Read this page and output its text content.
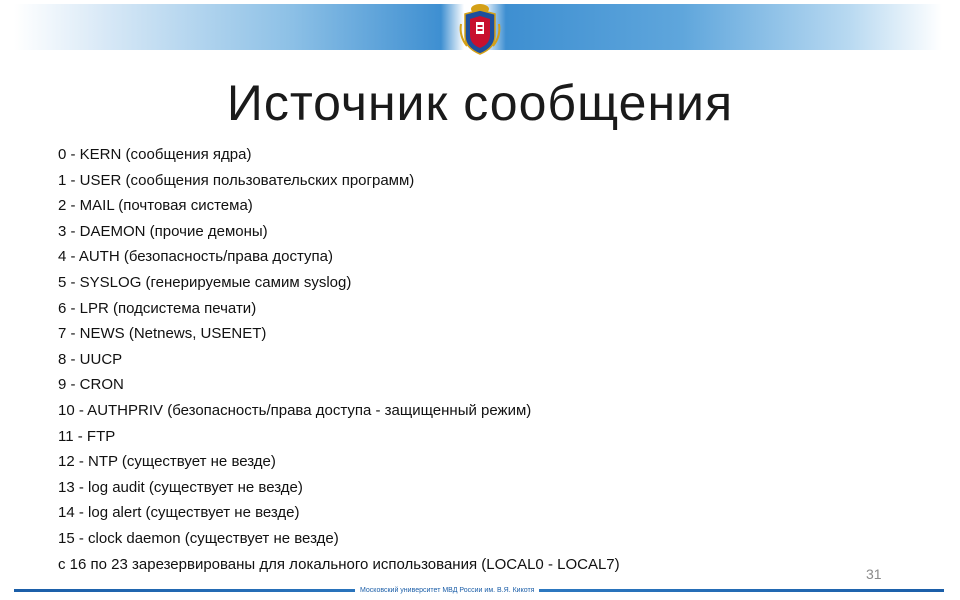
Источник сообщения
0 - KERN (сообщения ядра)
1 - USER (сообщения пользовательских программ)
2 - MAIL (почтовая система)
3 - DAEMON (прочие демоны)
4 - AUTH (безопасность/права доступа)
5 - SYSLOG (генерируемые самим syslog)
6 - LPR (подсистема печати)
7 - NEWS (Netnews, USENET)
8 - UUCP
9 - CRON
10 - AUTHPRIV (безопасность/права доступа - защищенный режим)
11 - FTP
12 - NTP (существует не везде)
13 - log audit (существует не везде)
14 - log alert (существует не везде)
15 - clock daemon (существует не везде)
с 16 по 23 зарезервированы для локального использования (LOCAL0 - LOCAL7)
31
Московский университет МВД России им. В.Я. Кикотя
